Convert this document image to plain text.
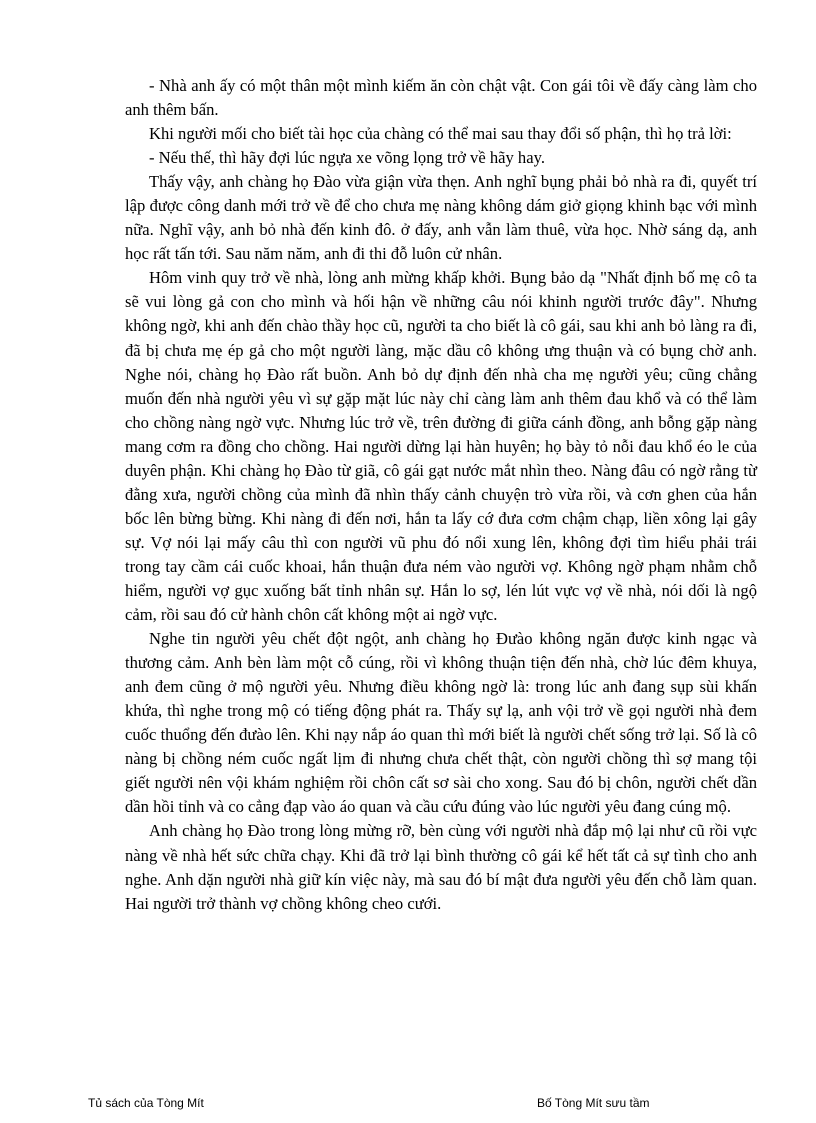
- Nhà anh ấy có một thân một mình kiếm ăn còn chật vật. Con gái tôi về đấy càng làm cho anh thêm bấn.

Khi người mối cho biết tài học của chàng có thể mai sau thay đổi số phận, thì họ trả lời:

- Nếu thế, thì hãy đợi lúc ngựa xe võng lọng trở về hãy hay.

Thấy vậy, anh chàng họ Đào vừa giận vừa thẹn. Anh nghĩ bụng phải bỏ nhà ra đi, quyết trí lập được công danh mới trở về để cho chưa mẹ nàng không dám giở giọng khinh bạc với mình nữa. Nghĩ vậy, anh bỏ nhà đến kinh đô. ở đấy, anh vẫn làm thuê, vừa học. Nhờ sáng dạ, anh học rất tấn tới. Sau năm năm, anh đi thi đỗ luôn cử nhân.

Hôm vinh quy trở về nhà, lòng anh mừng khấp khởi. Bụng bảo dạ "Nhất định bố mẹ cô ta sẽ vui lòng gả con cho mình và hối hận về những câu nói khinh người trước đây". Nhưng không ngờ, khi anh đến chào thầy học cũ, người ta cho biết là cô gái, sau khi anh bỏ làng ra đi, đã bị chưa mẹ ép gả cho một người làng, mặc dầu cô không ưng thuận và có bụng chờ anh. Nghe nói, chàng họ Đào rất buồn. Anh bỏ dự định đến nhà cha mẹ người yêu; cũng chẳng muốn đến nhà người yêu vì sự gặp mặt lúc này chỉ càng làm anh thêm đau khổ và có thể làm cho chồng nàng ngờ vực. Nhưng lúc trở về, trên đường đi giữa cánh đồng, anh bỗng gặp nàng mang cơm ra đồng cho chồng. Hai người dừng lại hàn huyên; họ bày tỏ nỗi đau khổ éo le của duyên phận. Khi chàng họ Đào từ giã, cô gái gạt nước mắt nhìn theo. Nàng đâu có ngờ rằng từ đằng xưa, người chồng của mình đã nhìn thấy cảnh chuyện trò vừa rồi, và cơn ghen của hắn bốc lên bừng bừng. Khi nàng đi đến nơi, hắn ta lấy cớ đưa cơm chậm chạp, liền xông lại gây sự. Vợ nói lại mấy câu thì con người vũ phu đó nổi xung lên, không đợi tìm hiểu phải trái trong tay cầm cái cuốc khoai, hắn thuận đưa ném vào người vợ. Không ngờ phạm nhằm chỗ hiểm, người vợ gục xuống bất tỉnh nhân sự. Hắn lo sợ, lén lút vực vợ về nhà, nói dối là ngộ cảm, rồi sau đó cử hành chôn cất không một ai ngờ vực.

Nghe tin người yêu chết đột ngột, anh chàng họ Đưào không ngăn được kinh ngạc và thương cảm. Anh bèn làm một cỗ cúng, rồi vì không thuận tiện đến nhà, chờ lúc đêm khuya, anh đem cũng ở mộ người yêu. Nhưng điều không ngờ là: trong lúc anh đang sụp sùi khấn khứa, thì nghe trong mộ có tiếng động phát ra. Thấy sự lạ, anh vội trở về gọi người nhà đem cuốc thuổng đến đưào lên. Khi nạy nắp áo quan thì mới biết là người chết sống trở lại. Số là cô nàng bị chồng ném cuốc ngất lịm đi nhưng chưa chết thật, còn người chồng thì sợ mang tội giết người nên vội khám nghiệm rồi chôn cất sơ sài cho xong. Sau đó bị chôn, người chết dần dần hồi tỉnh và co cẳng đạp vào áo quan và cầu cứu đúng vào lúc người yêu đang cúng mộ.

Anh chàng họ Đào trong lòng mừng rỡ, bèn cùng với người nhà đắp mộ lại như cũ rồi vực nàng về nhà hết sức chữa chạy. Khi đã trở lại bình thường cô gái kể hết tất cả sự tình cho anh nghe. Anh dặn người nhà giữ kín việc này, mà sau đó bí mật đưa người yêu đến chỗ làm quan. Hai người trở thành vợ chồng không cheo cưới.

Tủ sách của Tòng Mít	Bố Tòng Mít sưu tầm
